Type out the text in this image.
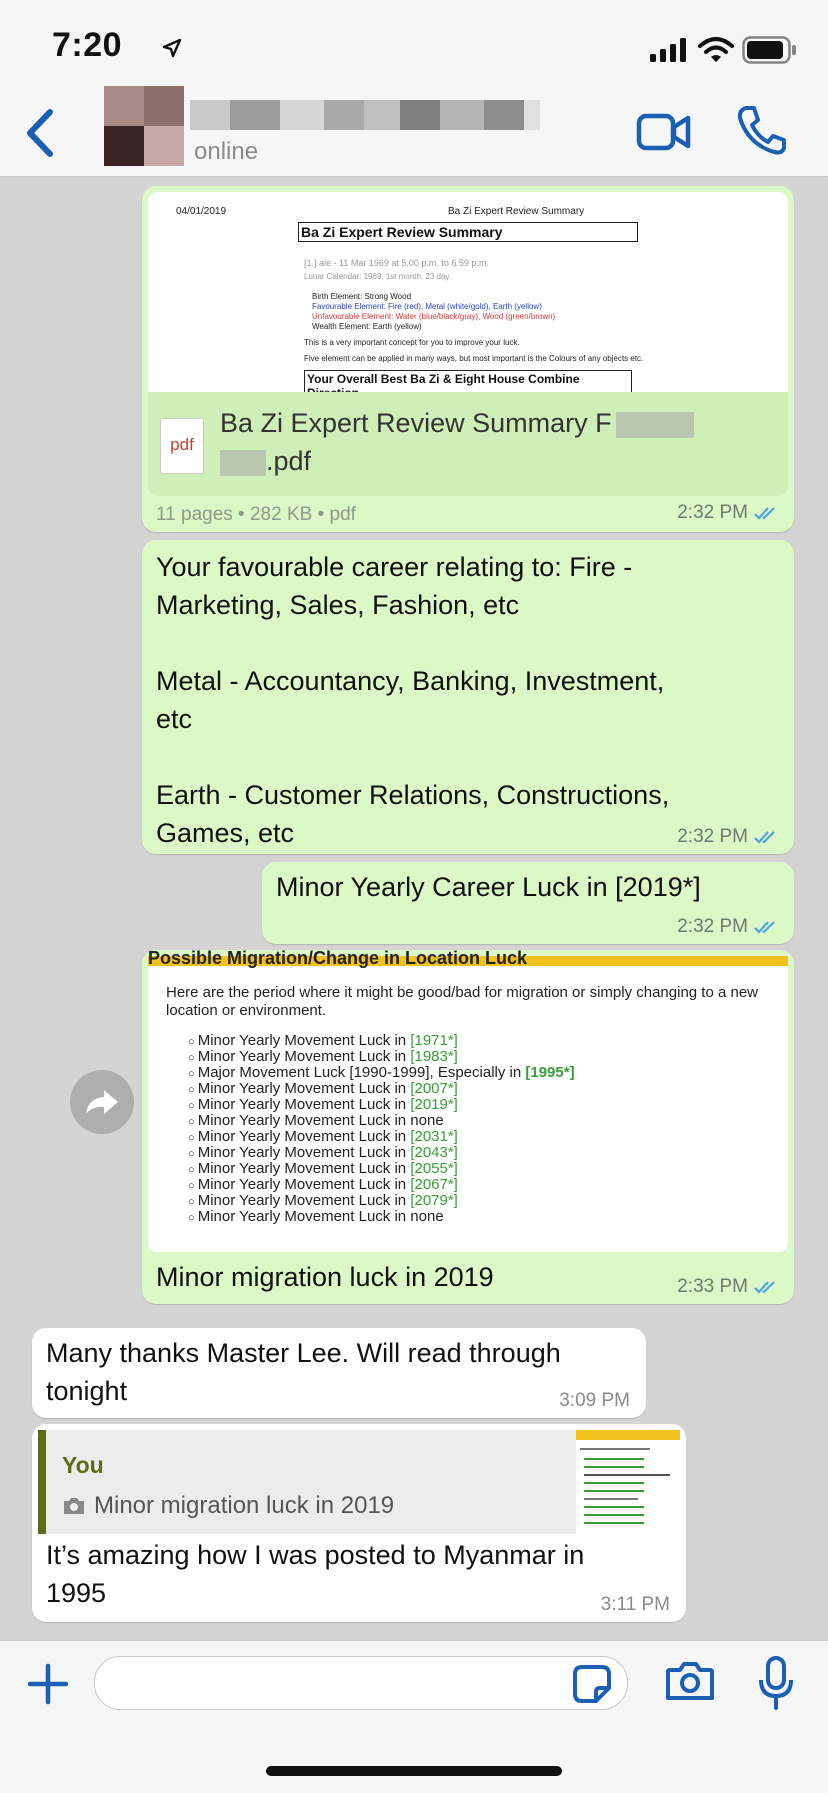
7:20
online
04/01/2019	Ba Zi Expert Review Summary
Ba Zi Expert Review Summary
[1.] ale - 11 Mar 1969 at 5.00 p.m. to 6.59 p.m.
Lunar Calendar: 1969, 1st month, 23 day.
Birth Element: Strong Wood
Favourable Element: Fire (red), Metal (white/gold), Earth (yellow)
Unfavourable Element: Water (blue/black/gray), Wood (green/brown)
Wealth Element: Earth (yellow)
This is a very important concept for you to improve your luck.
Five element can be applied in many ways, but most important is the Colours of any objects etc.
Your Overall Best Ba Zi & Eight House Combine
pdf
Ba Zi Expert Review Summary F
.pdf
11 pages • 282 KB • pdf	2:32 PM
Your favourable career relating to: Fire -
Marketing, Sales, Fashion, etc

Metal - Accountancy, Banking, Investment,
etc

Earth - Customer Relations, Constructions,
Games, etc	2:32 PM
Minor Yearly Career Luck in [2019*]
2:32 PM
Possible Migration/Change in Location Luck
Here are the period where it might be good/bad for migration or simply changing to a new
location or environment.
○ Minor Yearly Movement Luck in [1971*]
○ Minor Yearly Movement Luck in [1983*]
○ Major Movement Luck [1990-1999], Especially in [1995*]
○ Minor Yearly Movement Luck in [2007*]
○ Minor Yearly Movement Luck in [2019*]
○ Minor Yearly Movement Luck in none
○ Minor Yearly Movement Luck in [2031*]
○ Minor Yearly Movement Luck in [2043*]
○ Minor Yearly Movement Luck in [2055*]
○ Minor Yearly Movement Luck in [2067*]
○ Minor Yearly Movement Luck in [2079*]
○ Minor Yearly Movement Luck in none
Minor migration luck in 2019	2:33 PM
Many thanks Master Lee. Will read through
tonight	3:09 PM
You
Minor migration luck in 2019
It’s amazing how I was posted to Myanmar in
1995	3:11 PM
